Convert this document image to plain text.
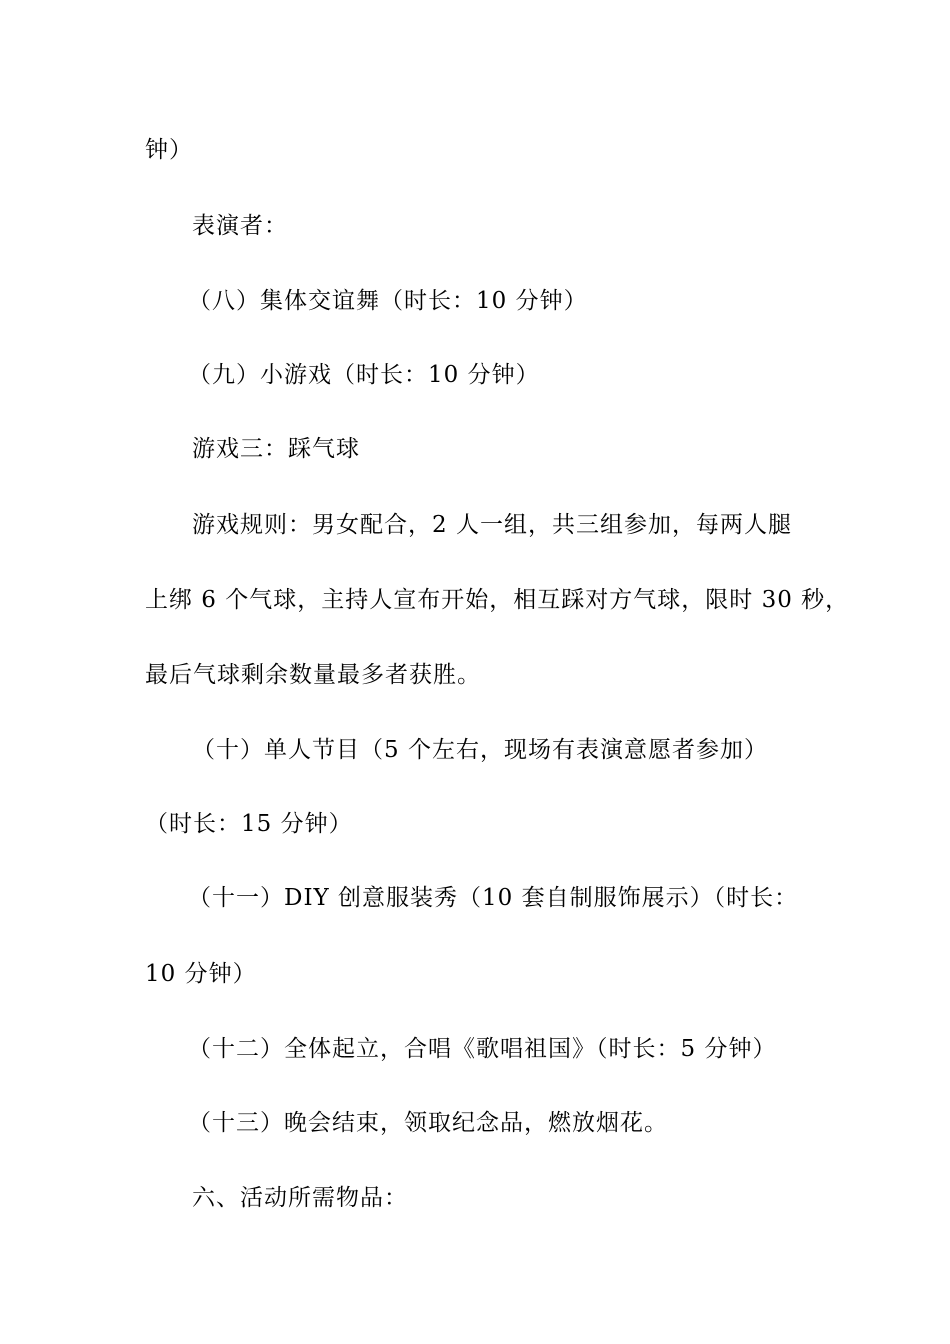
钟）
表演者：
（八）集体交谊舞（时长：10 分钟）
（九）小游戏（时长：10 分钟）
游戏三：踩气球
游戏规则：男女配合，2 人一组，共三组参加，每两人腿
上绑 6 个气球，主持人宣布开始，相互踩对方气球，限时 30 秒，
最后气球剩余数量最多者获胜。
（十）单人节目（5 个左右，现场有表演意愿者参加）
（时长：15 分钟）
（十一）DIY 创意服装秀（10 套自制服饰展示）（时长：
10 分钟）
（十二）全体起立，合唱《歌唱祖国》（时长：5 分钟）
（十三）晚会结束，领取纪念品，燃放烟花。
六、活动所需物品：
